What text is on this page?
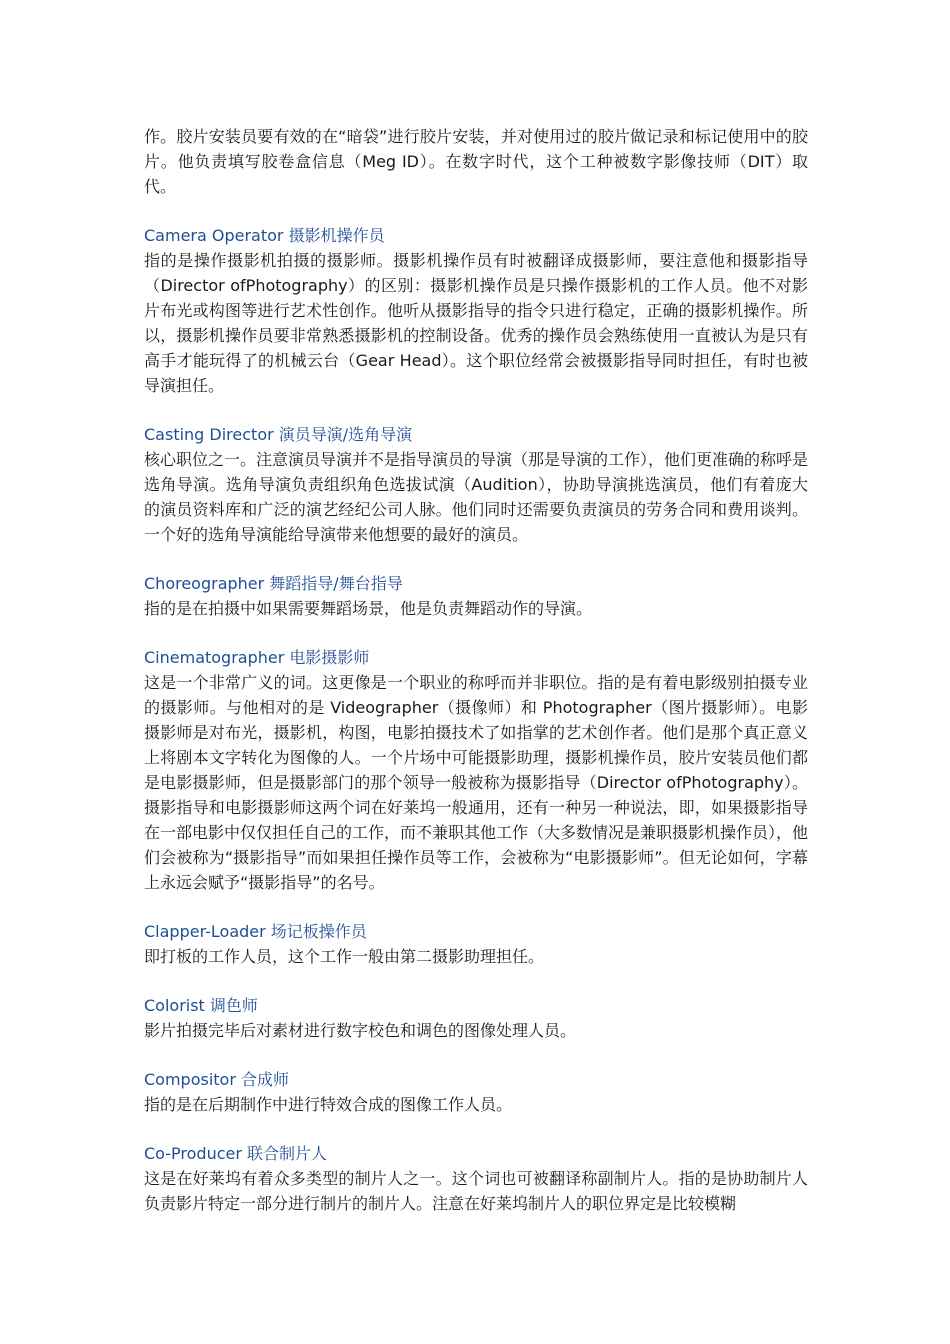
作。胶片安装员要有效的在“暗袋”进行胶片安装，并对使用过的胶片做记录和标记使用中的胶片。他负责填写胶卷盒信息（Meg ID）。在数字时代，这个工种被数字影像技师（DIT）取代。

Camera Operator 摄影机操作员

指的是操作摄影机拍摄的摄影师。摄影机操作员有时被翻译成摄影师，要注意他和摄影指导（Director ofPhotography）的区别：摄影机操作员是只操作摄影机的工作人员。他不对影片布光或构图等进行艺术性创作。他听从摄影指导的指令只进行稳定，正确的摄影机操作。所以，摄影机操作员要非常熟悉摄影机的控制设备。优秀的操作员会熟练使用一直被认为是只有高手才能玩得了的机械云台（Gear Head）。这个职位经常会被摄影指导同时担任，有时也被导演担任。

Casting Director 演员导演/选角导演

核心职位之一。注意演员导演并不是指导演员的导演（那是导演的工作），他们更准确的称呼是选角导演。选角导演负责组织角色选拔试演（Audition），协助导演挑选演员，他们有着庞大的演员资料库和广泛的演艺经纪公司人脉。他们同时还需要负责演员的劳务合同和费用谈判。一个好的选角导演能给导演带来他想要的最好的演员。

Choreographer 舞蹈指导/舞台指导

指的是在拍摄中如果需要舞蹈场景，他是负责舞蹈动作的导演。

Cinematographer 电影摄影师

这是一个非常广义的词。这更像是一个职业的称呼而并非职位。指的是有着电影级别拍摄专业的摄影师。与他相对的是 Videographer（摄像师）和 Photographer（图片摄影师）。电影摄影师是对布光，摄影机，构图，电影拍摄技术了如指掌的艺术创作者。他们是那个真正意义上将剧本文字转化为图像的人。一个片场中可能摄影助理，摄影机操作员，胶片安装员他们都是电影摄影师，但是摄影部门的那个领导一般被称为摄影指导（Director ofPhotography）。摄影指导和电影摄影师这两个词在好莱坞一般通用，还有一种另一种说法，即，如果摄影指导在一部电影中仅仅担任自己的工作，而不兼职其他工作（大多数情况是兼职摄影机操作员），他们会被称为“摄影指导”而如果担任操作员等工作，会被称为“电影摄影师”。但无论如何，字幕上永远会赋予“摄影指导”的名号。

Clapper-Loader 场记板操作员

即打板的工作人员，这个工作一般由第二摄影助理担任。

Colorist 调色师

影片拍摄完毕后对素材进行数字校色和调色的图像处理人员。

Compositor 合成师

指的是在后期制作中进行特效合成的图像工作人员。

Co-Producer 联合制片人

这是在好莱坞有着众多类型的制片人之一。这个词也可被翻译称副制片人。指的是协助制片人负责影片特定一部分进行制片的制片人。注意在好莱坞制片人的职位界定是比较模糊
